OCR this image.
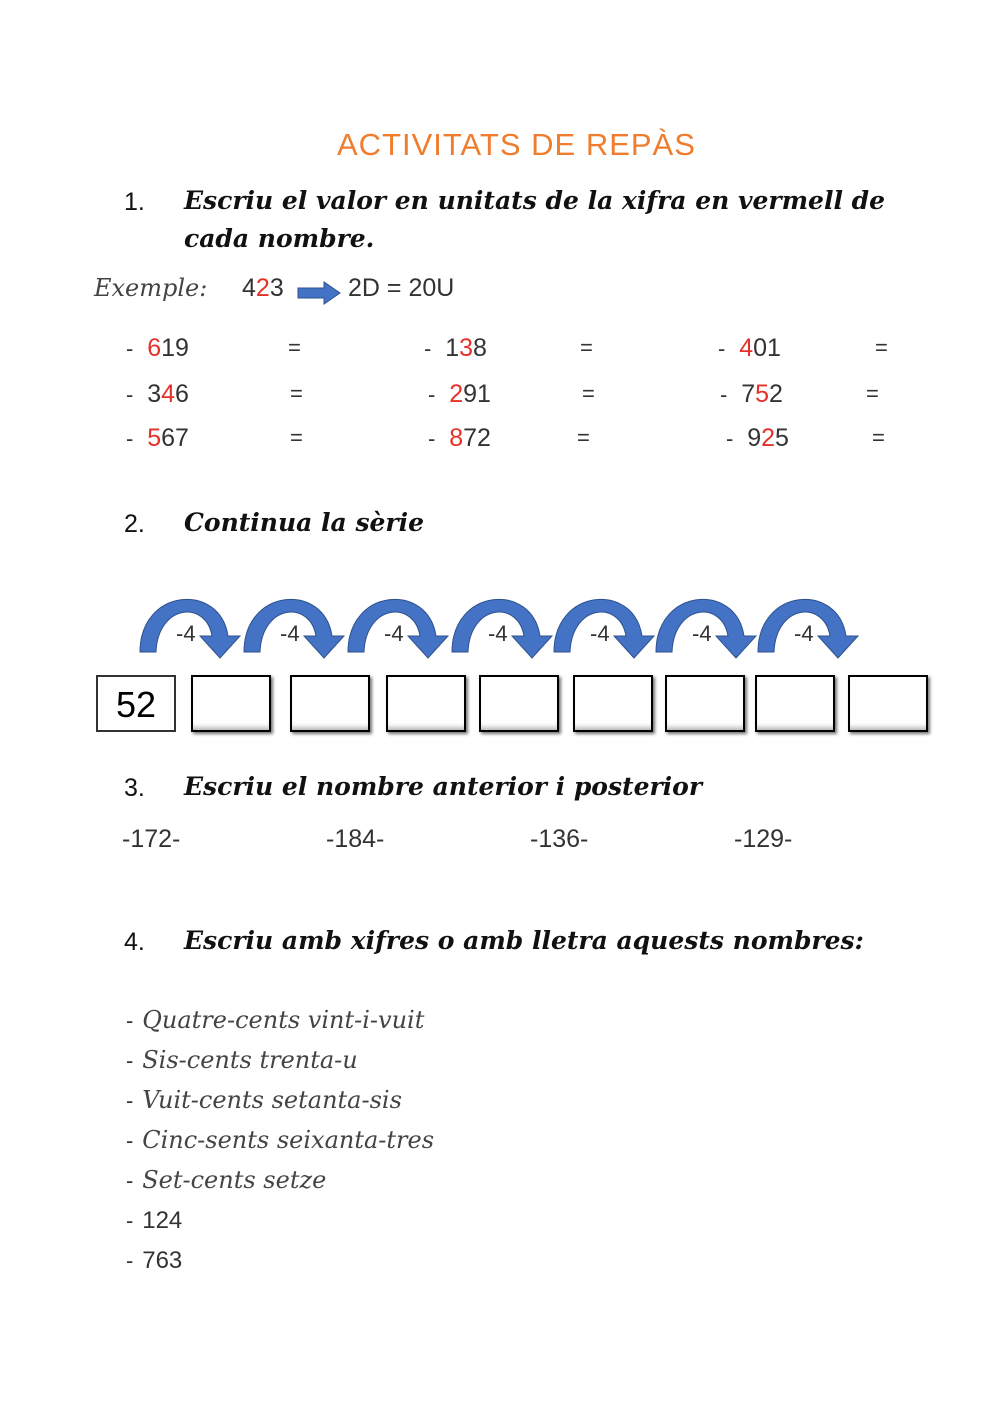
ACTIVITATS DE REPÀS
1. Escriu el valor en unitats de la xifra en vermell de
cada nombre.
Exemple: 423	2D = 20U
- 619	=	- 138	=	- 401	=
- 346	=	- 291	=	- 752	=
- 567	=	- 872	=	- 925	=
2. Continua la sèrie
-4	-4	-4	-4	-4	-4	-4
52
3. Escriu el nombre anterior i posterior
-172-	-184-	-136-	-129-
4. Escriu amb xifres o amb lletra aquests nombres:
- Quatre-cents vint-i-vuit
- Sis-cents trenta-u
- Vuit-cents setanta-sis
- Cinc-sents seixanta-tres
- Set-cents setze
- 124
- 763
